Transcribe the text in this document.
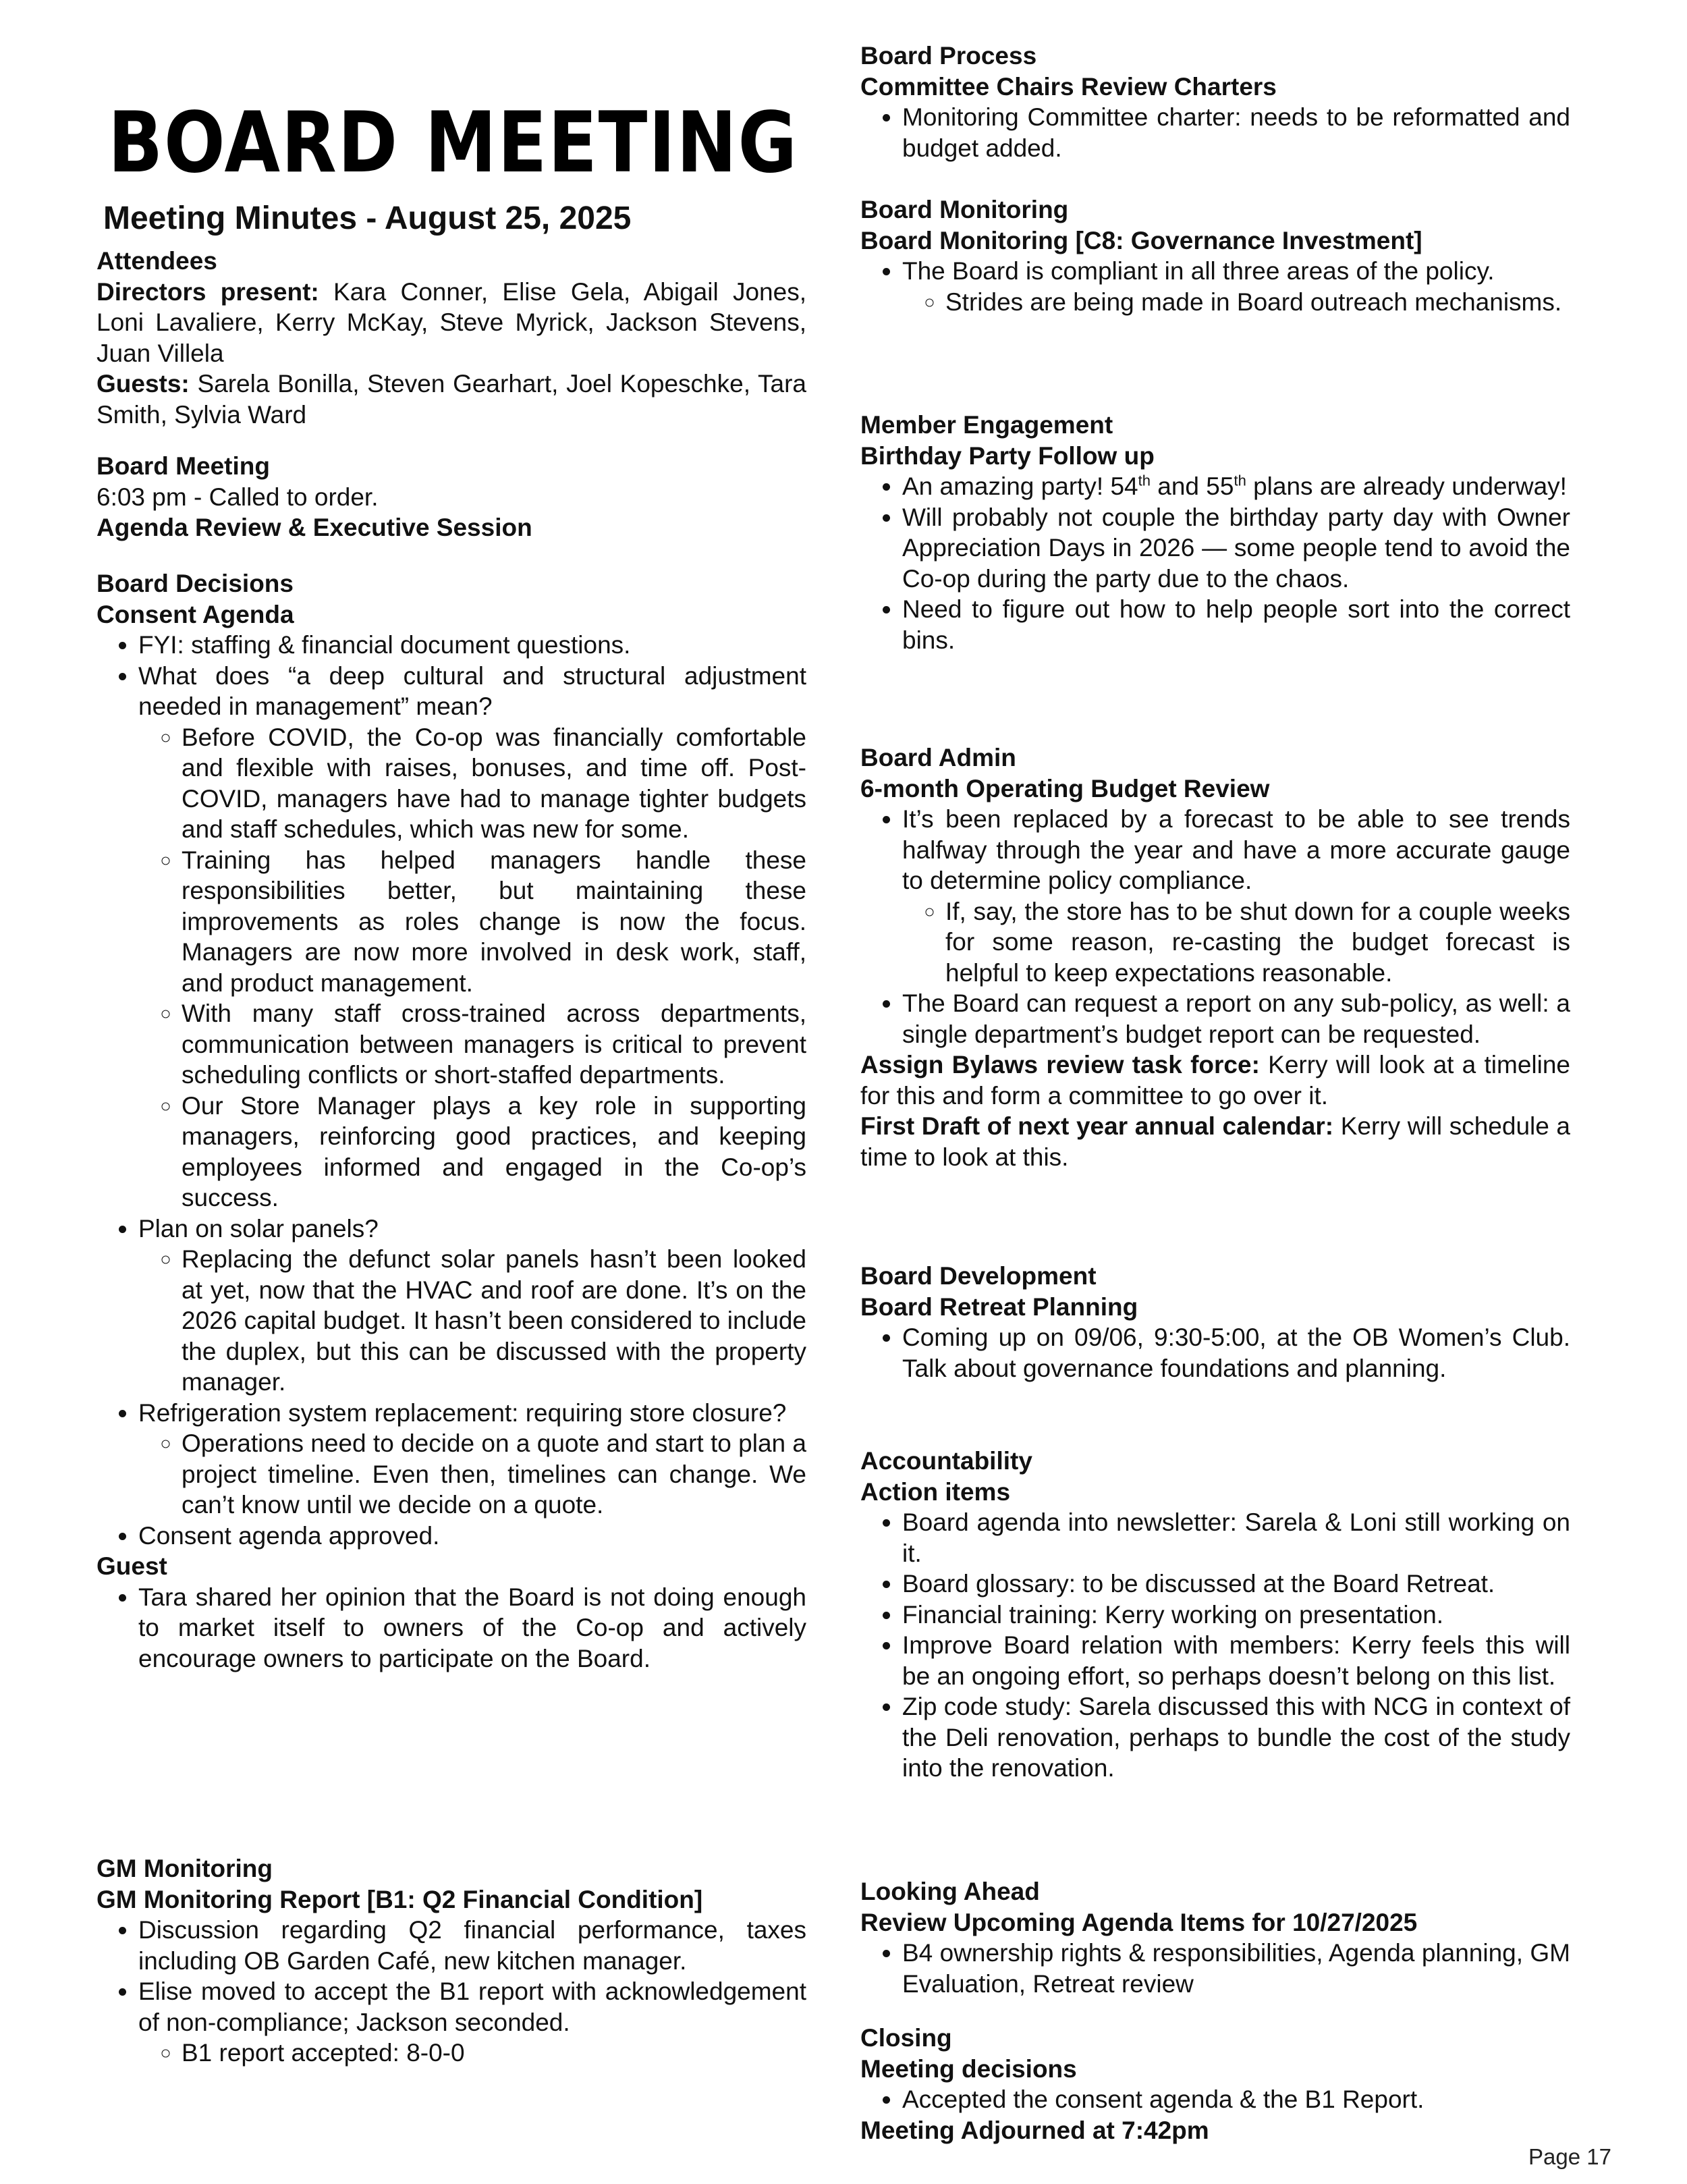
BOARD MEETING
Meeting Minutes - August 25, 2025

Attendees

Directors present: Kara Conner, Elise Gela, Abigail Jones, Loni Lavaliere, Kerry McKay, Steve Myrick, Jackson Stevens, Juan Villela

Guests: Sarela Bonilla, Steven Gearhart, Joel Kopeschke, Tara Smith, Sylvia Ward

Board Meeting

6:03 pm - Called to order.

Agenda Review & Executive Session

Board Decisions

Consent Agenda

• FYI: staffing & financial document questions.
• What does “a deep cultural and structural adjustment needed in management” mean?
◦ Before COVID, the Co-op was financially comfortable and flexible with raises, bonuses, and time off. Post-COVID, managers have had to manage tighter budgets and staff schedules, which was new for some.
◦ Training has helped managers handle these responsibilities better, but maintaining these improvements as roles change is now the focus. Managers are now more involved in desk work, staff, and product management.
◦ With many staff cross-trained across departments, communication between managers is critical to prevent scheduling conflicts or short-staffed departments.
◦ Our Store Manager plays a key role in supporting managers, reinforcing good practices, and keeping employees informed and engaged in the Co-op’s success.
• Plan on solar panels?
◦ Replacing the defunct solar panels hasn’t been looked at yet, now that the HVAC and roof are done. It’s on the 2026 capital budget. It hasn’t been considered to include the duplex, but this can be discussed with the property manager.
• Refrigeration system replacement: requiring store closure?
◦ Operations need to decide on a quote and start to plan a project timeline. Even then, timelines can change. We can’t know until we decide on a quote.
• Consent agenda approved.

Guest

• Tara shared her opinion that the Board is not doing enough to market itself to owners of the Co-op and actively encourage owners to participate on the Board.

GM Monitoring

GM Monitoring Report [B1: Q2 Financial Condition]

• Discussion regarding Q2 financial performance, taxes including OB Garden Café, new kitchen manager.
• Elise moved to accept the B1 report with acknowledgement of non-compliance; Jackson seconded.
◦ B1 report accepted: 8-0-0

Board Process

Committee Chairs Review Charters

• Monitoring Committee charter: needs to be reformatted and budget added.

Board Monitoring

Board Monitoring [C8: Governance Investment]

• The Board is compliant in all three areas of the policy.
◦ Strides are being made in Board outreach mechanisms.

Member Engagement

Birthday Party Follow up

• An amazing party! 54th and 55th plans are already underway!
• Will probably not couple the birthday party day with Owner Appreciation Days in 2026 — some people tend to avoid the Co-op during the party due to the chaos.
• Need to figure out how to help people sort into the correct bins.

Board Admin

6-month Operating Budget Review

• It’s been replaced by a forecast to be able to see trends halfway through the year and have a more accurate gauge to determine policy compliance.
◦ If, say, the store has to be shut down for a couple weeks for some reason, re-casting the budget forecast is helpful to keep expectations reasonable.
• The Board can request a report on any sub-policy, as well: a single department’s budget report can be requested.

Assign Bylaws review task force: Kerry will look at a timeline for this and form a committee to go over it.

First Draft of next year annual calendar: Kerry will schedule a time to look at this.

Board Development

Board Retreat Planning

• Coming up on 09/06, 9:30-5:00, at the OB Women’s Club. Talk about governance foundations and planning.

Accountability

Action items

• Board agenda into newsletter: Sarela & Loni still working on it.
• Board glossary: to be discussed at the Board Retreat.
• Financial training: Kerry working on presentation.
• Improve Board relation with members: Kerry feels this will be an ongoing effort, so perhaps doesn’t belong on this list.
• Zip code study: Sarela discussed this with NCG in context of the Deli renovation, perhaps to bundle the cost of the study into the renovation.

Looking Ahead

Review Upcoming Agenda Items for 10/27/2025

• B4 ownership rights & responsibilities, Agenda planning, GM Evaluation, Retreat review

Closing

Meeting decisions

• Accepted the consent agenda & the B1 Report.

Meeting Adjourned at 7:42pm

Page 17
